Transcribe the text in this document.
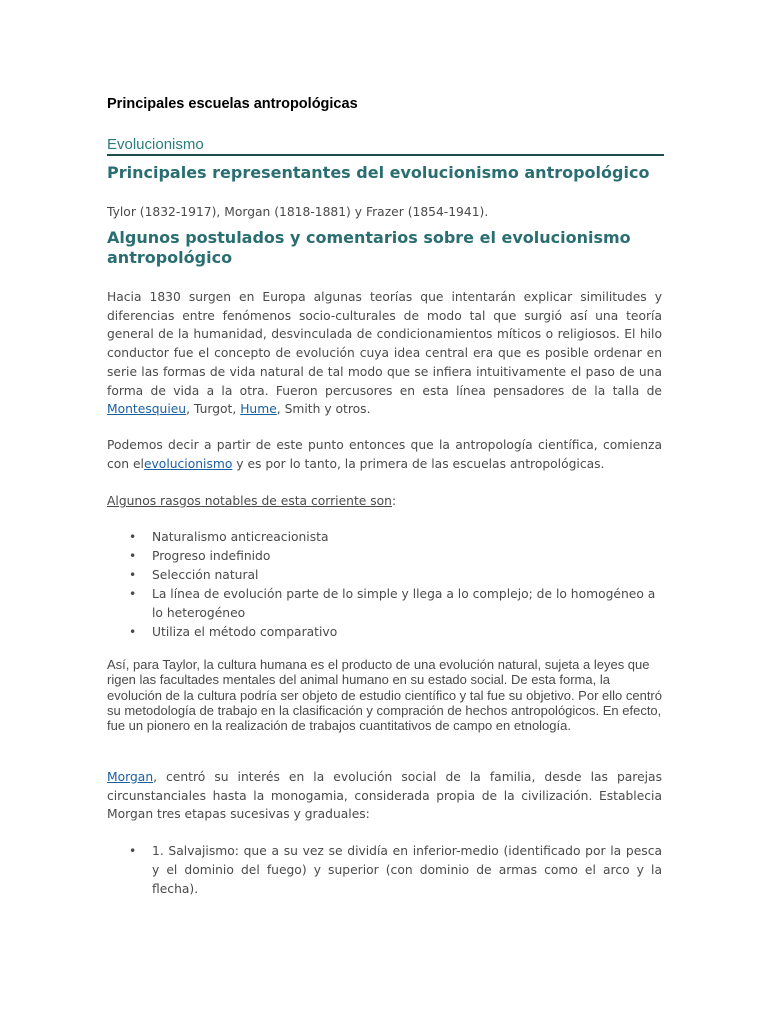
Principales escuelas antropológicas
Evolucionismo
Principales representantes del evolucionismo antropológico

Tylor (1832-1917), Morgan (1818-1881) y Frazer (1854-1941).

Algunos postulados y comentarios sobre el evolucionismo antropológico

Hacia 1830 surgen en Europa algunas teorías que intentarán explicar similitudes y diferencias entre fenómenos socio-culturales de modo tal que surgió así una teoría general de la humanidad, desvinculada de condicionamientos míticos o religiosos. El hilo conductor fue el concepto de evolución cuya idea central era que es posible ordenar en serie las formas de vida natural de tal modo que se infiera intuitivamente el paso de una forma de vida a la otra. Fueron percusores en esta línea pensadores de la talla de Montesquieu, Turgot, Hume, Smith y otros.

Podemos decir a partir de este punto entonces que la antropología científica, comienza con elevolucionismo y es por lo tanto, la primera de las escuelas antropológicas.

Algunos rasgos notables de esta corriente son:

• Naturalismo anticreacionista
• Progreso indefinido
• Selección natural
• La línea de evolución parte de lo simple y llega a lo complejo; de lo homogéneo a lo heterogéneo
• Utiliza el método comparativo

Así, para Taylor, la cultura humana es el producto de una evolución natural, sujeta a leyes que rigen las facultades mentales del animal humano en su estado social. De esta forma, la evolución de la cultura podría ser objeto de estudio científico y tal fue su objetivo. Por ello centró su metodología de trabajo en la clasificación y compración de hechos antropológicos. En efecto, fue un pionero en la realización de trabajos cuantitativos de campo en etnología.

Morgan, centró su interés en la evolución social de la familia, desde las parejas circunstanciales hasta la monogamia, considerada propia de la civilización. Establecia Morgan tres etapas sucesivas y graduales:

• 1. Salvajismo: que a su vez se dividía en inferior-medio (identificado por la pesca y el dominio del fuego) y superior (con dominio de armas como el arco y la flecha).
